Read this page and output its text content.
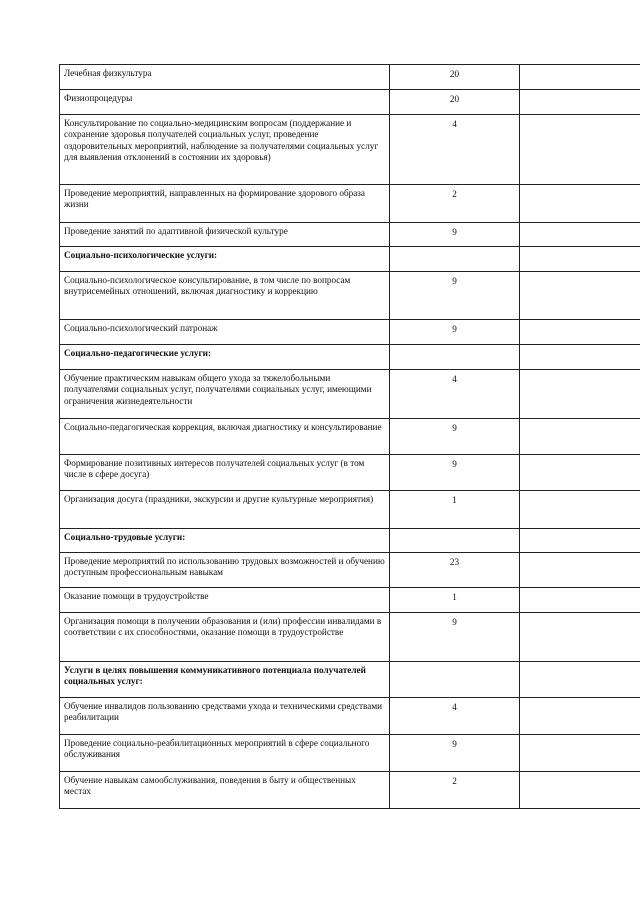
Лечебная физкультура	20	
Физиопроцедуры	20	
Консультирование по социально-медицинским вопросам (поддержание и сохранение здоровья получателей социальных услуг, проведение оздоровительных мероприятий, наблюдение за получателями социальных услуг для выявления отклонений в состоянии их здоровья)	4	
Проведение мероприятий, направленных на формирование здорового образа жизни	2	
Проведение занятий по адаптивной физической культуре	9	
Социально-психологические услуги:		
Социально-психологическое консультирование, в том числе по вопросам внутрисемейных отношений, включая диагностику и коррекцию	9	
Социально-психологический патронаж	9	
Социально-педагогические услуги:		
Обучение практическим навыкам общего ухода за тяжелобольными получателями социальных услуг, получателями социальных услуг, имеющими ограничения жизнедеятельности	4	
Социально-педагогическая коррекция, включая диагностику и консультирование	9	
Формирование позитивных интересов получателей социальных услуг (в том числе в сфере досуга)	9	
Организация досуга (праздники, экскурсии и другие культурные мероприятия)	1	
Социально-трудовые услуги:		
Проведение мероприятий по использованию трудовых возможностей и обучению доступным профессиональным навыкам	23	
Оказание помощи в трудоустройстве	1	
Организация помощи в получении образования и (или) профессии инвалидами в соответствии с их способностями, оказание помощи в трудоустройстве	9	
Услуги в целях повышения коммуникативного потенциала получателей социальных услуг:		
Обучение инвалидов пользованию средствами ухода и техническими средствами реабилитации	4	
Проведение социально-реабилитационных мероприятий в сфере социального обслуживания	9	
Обучение навыкам самообслуживания, поведения в быту и общественных местах	2	
